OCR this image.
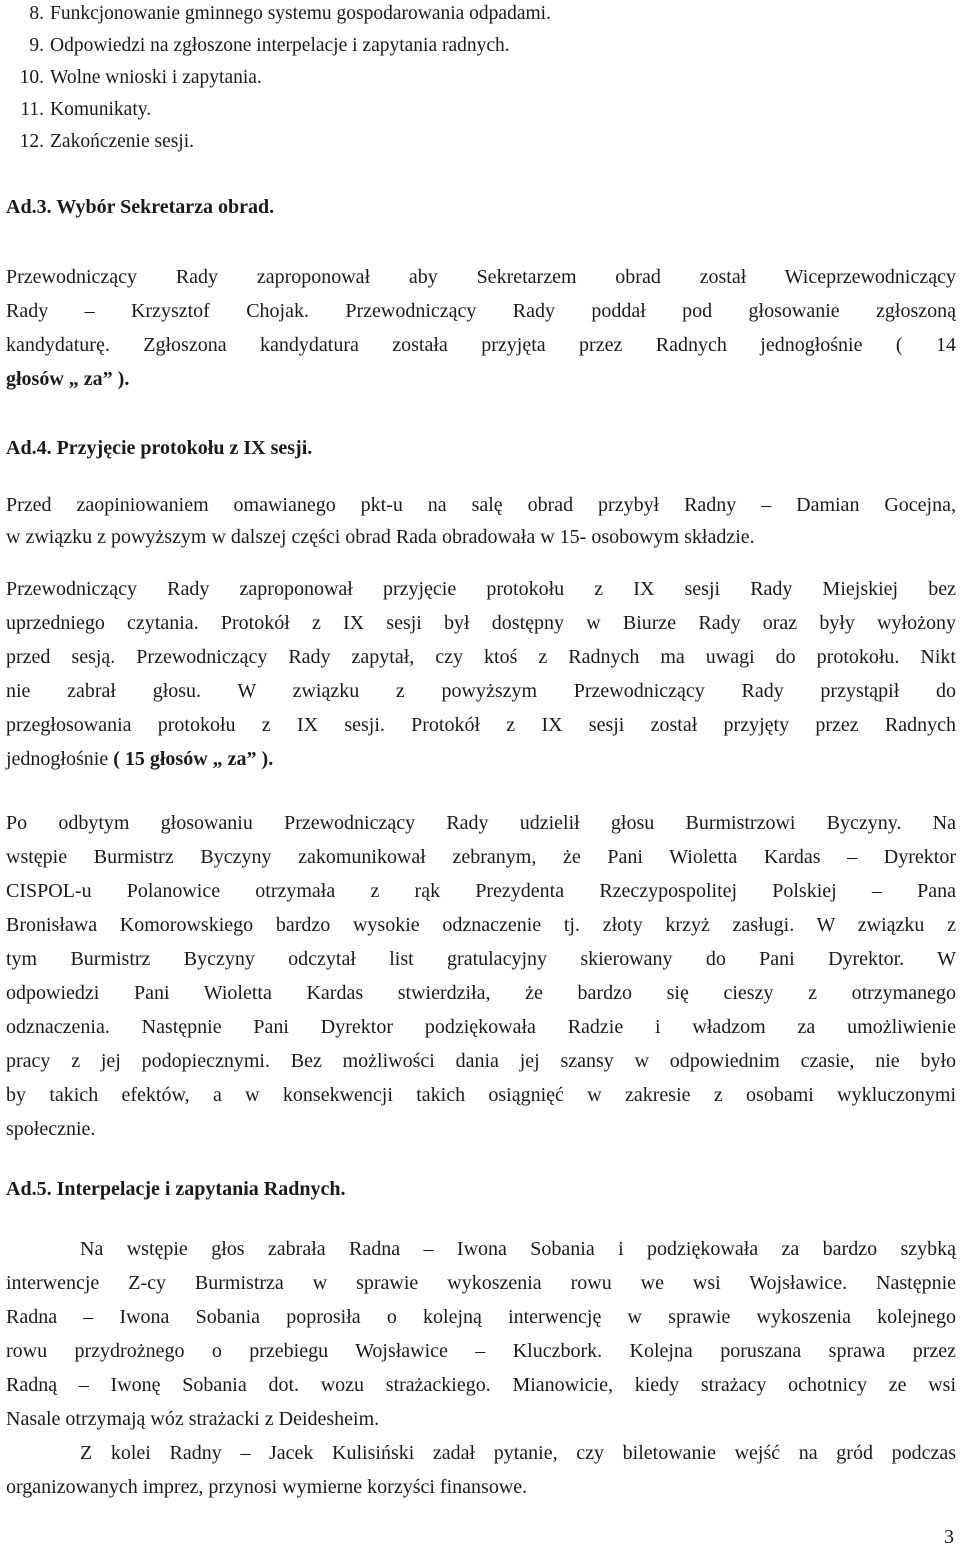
8. Funkcjonowanie gminnego systemu gospodarowania odpadami.
9. Odpowiedzi na zgłoszone interpelacje i zapytania radnych.
10. Wolne wnioski i zapytania.
11. Komunikaty.
12. Zakończenie sesji.
Ad.3. Wybór Sekretarza obrad.
Przewodniczący Rady zaproponował aby Sekretarzem obrad został Wiceprzewodniczący
Rady – Krzysztof Chojak. Przewodniczący Rady poddał pod głosowanie zgłoszoną
kandydaturę. Zgłoszona kandydatura została przyjęta przez Radnych jednogłośnie ( 14
głosów „ za” ).
Ad.4. Przyjęcie protokołu z IX sesji.
Przed zaopiniowaniem omawianego pkt-u na salę obrad przybył Radny – Damian Gocejna,
w związku z powyższym w dalszej części obrad Rada obradowała w 15- osobowym składzie.
Przewodniczący Rady zaproponował przyjęcie protokołu z IX sesji Rady Miejskiej bez
uprzedniego czytania. Protokół z IX sesji był dostępny w Biurze Rady oraz były wyłożony
przed sesją. Przewodniczący Rady zapytał, czy ktoś z Radnych ma uwagi do protokołu. Nikt
nie zabrał głosu. W związku z powyższym Przewodniczący Rady przystąpił do
przegłosowania protokołu z IX sesji. Protokół z IX sesji został przyjęty przez Radnych
jednogłośnie ( 15 głosów „ za” ).
Po odbytym głosowaniu Przewodniczący Rady udzielił głosu Burmistrzowi Byczyny. Na
wstępie Burmistrz Byczyny zakomunikował zebranym, że Pani Wioletta Kardas – Dyrektor
CISPOL-u Polanowice otrzymała z rąk Prezydenta Rzeczypospolitej Polskiej – Pana
Bronisława Komorowskiego bardzo wysokie odznaczenie tj. złoty krzyż zasługi. W związku z
tym Burmistrz Byczyny odczytał list gratulacyjny skierowany do Pani Dyrektor. W
odpowiedzi Pani Wioletta Kardas stwierdziła, że bardzo się cieszy z otrzymanego
odznaczenia. Następnie Pani Dyrektor podziękowała Radzie i władzom za umożliwienie
pracy z jej podopiecznymi. Bez możliwości dania jej szansy w odpowiednim czasie, nie było
by takich efektów, a w konsekwencji takich osiągnięć w zakresie z osobami wykluczonymi
społecznie.
Ad.5. Interpelacje i zapytania Radnych.
Na wstępie głos zabrała Radna – Iwona Sobania i podziękowała za bardzo szybką
interwencje Z-cy Burmistrza w sprawie wykoszenia rowu we wsi Wojsławice. Następnie
Radna – Iwona Sobania poprosiła o kolejną interwencję w sprawie wykoszenia kolejnego
rowu przydrożnego o przebiegu Wojsławice – Kluczbork. Kolejna poruszana sprawa przez
Radną – Iwonę Sobania dot. wozu strażackiego. Mianowicie, kiedy strażacy ochotnicy ze wsi
Nasale otrzymają wóz strażacki z Deidesheim.
Z kolei Radny – Jacek Kulisiński zadał pytanie, czy biletowanie wejść na gród podczas
organizowanych imprez, przynosi wymierne korzyści finansowe.
3
